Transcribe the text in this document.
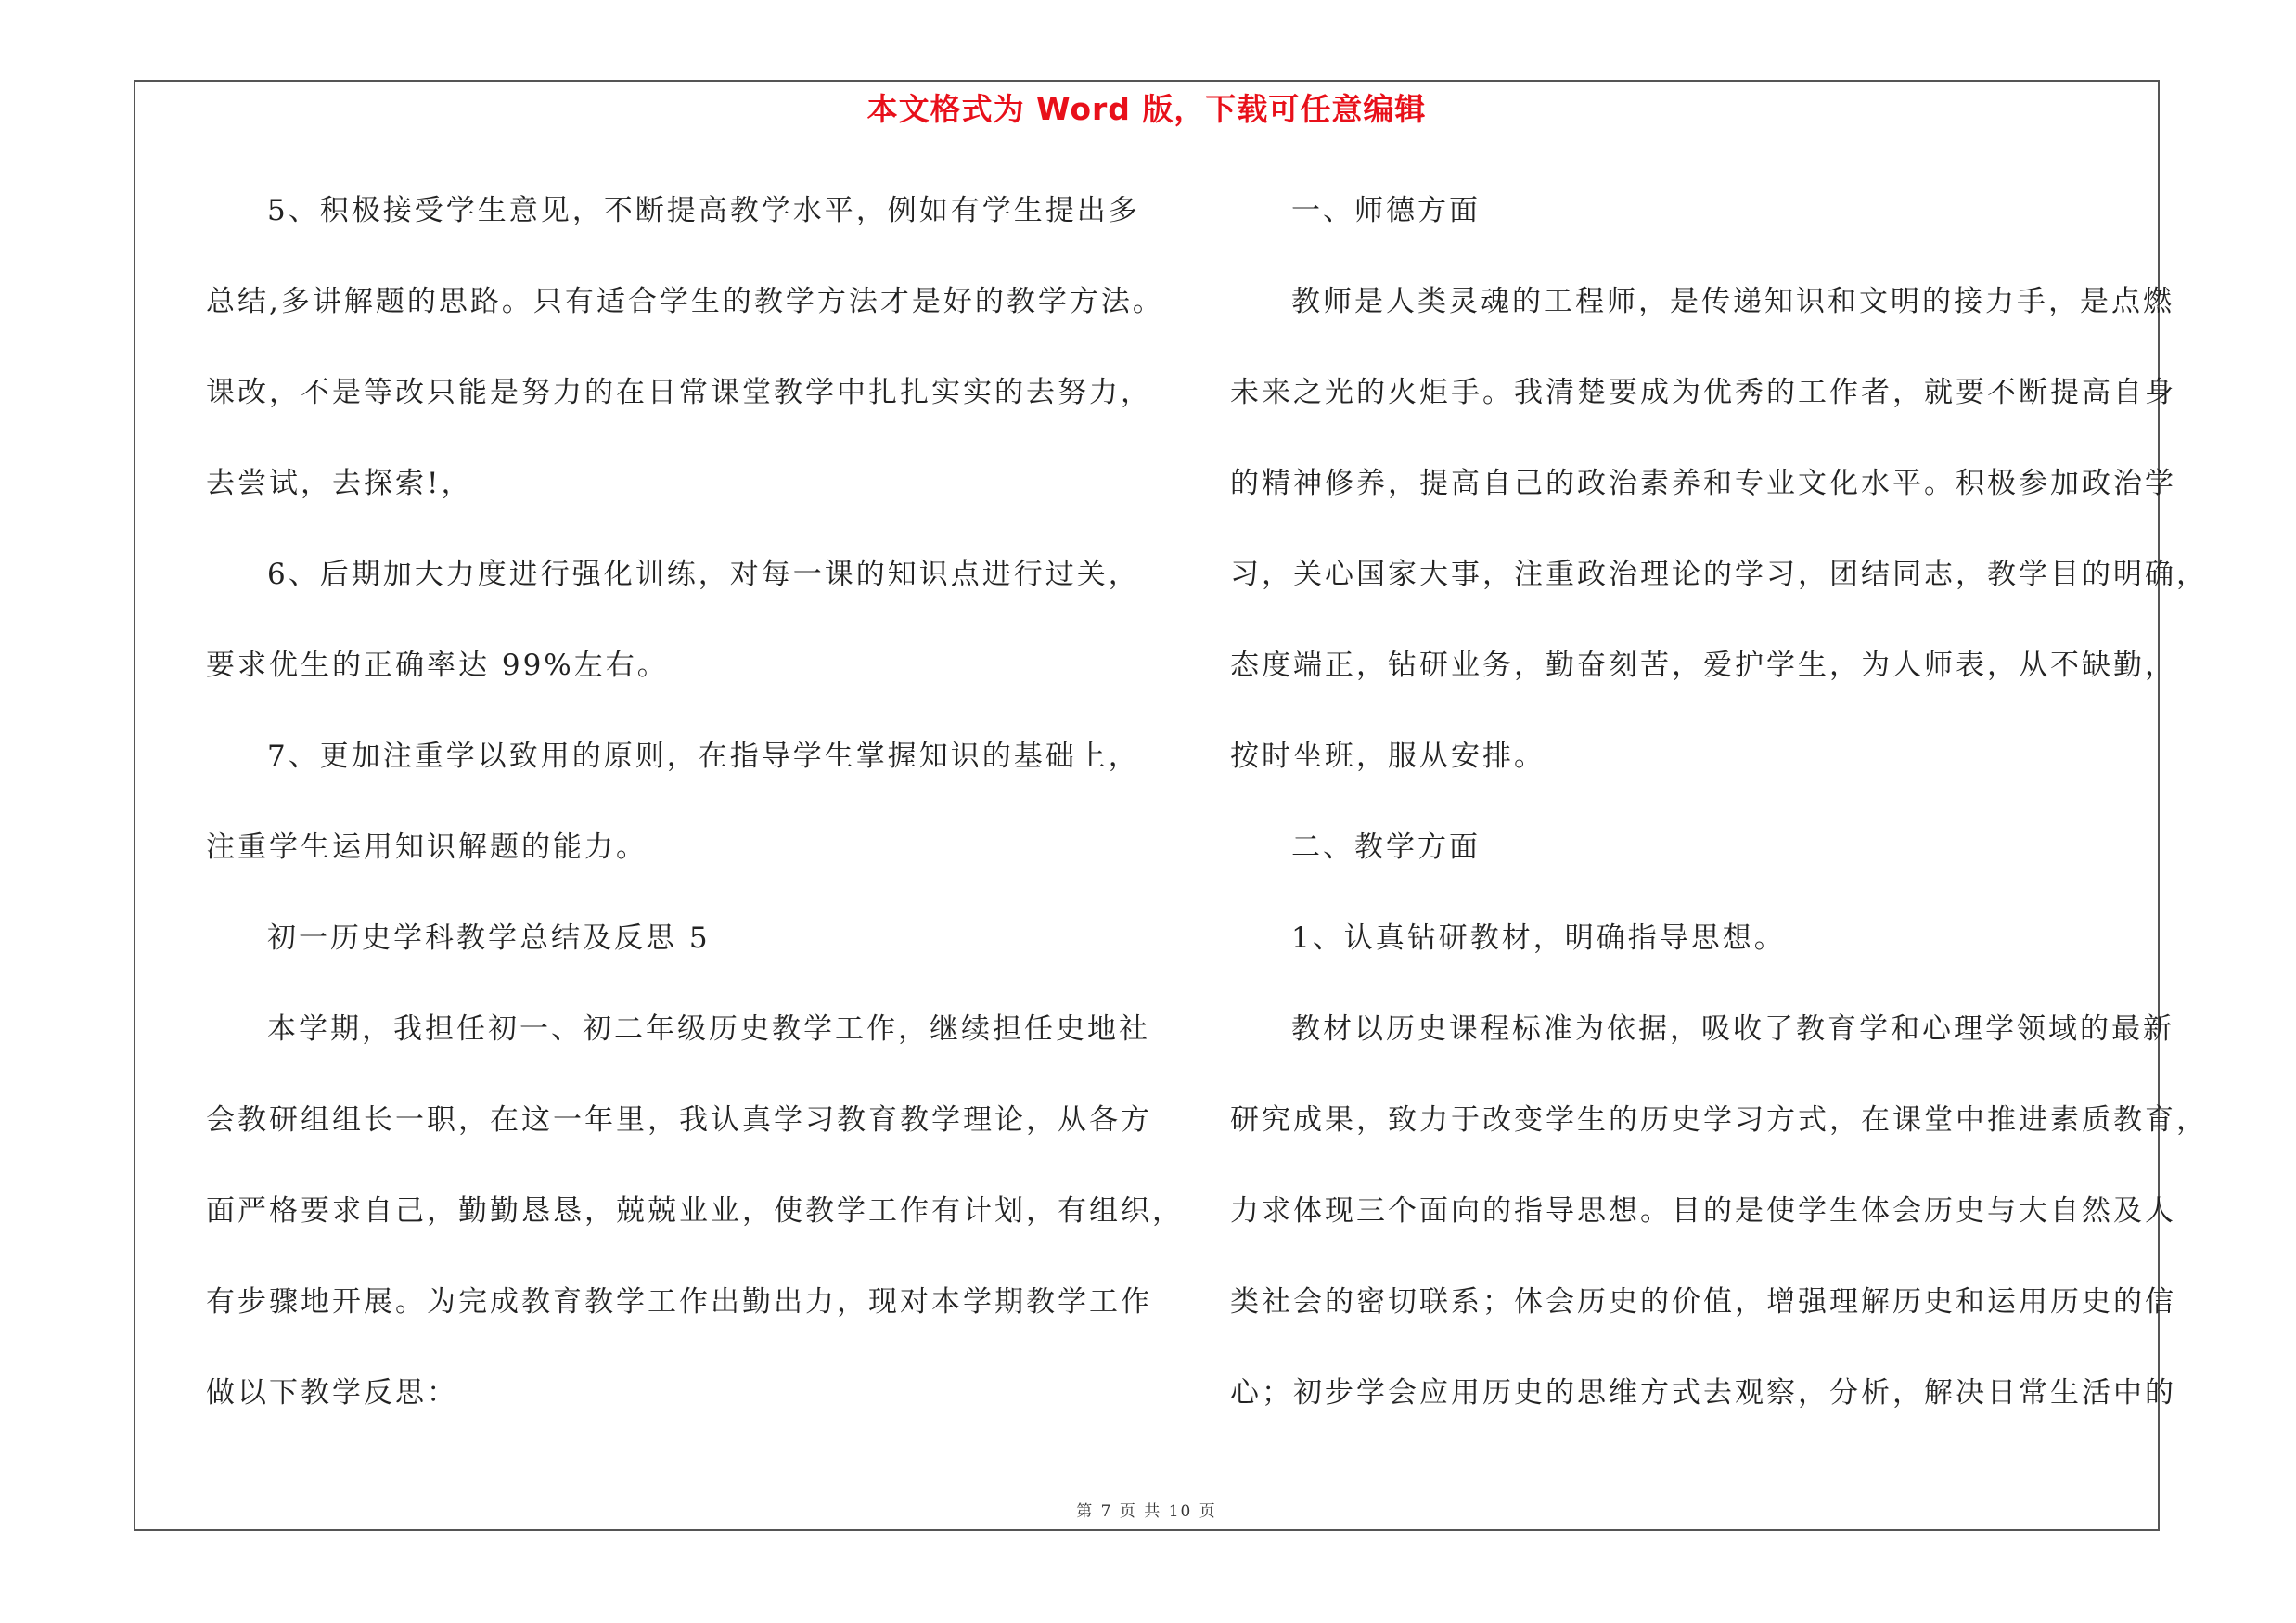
本文格式为 Word 版，下载可任意编辑
5、积极接受学生意见，不断提高教学水平，例如有学生提出多
总结,多讲解题的思路。只有适合学生的教学方法才是好的教学方法。
课改，不是等改只能是努力的在日常课堂教学中扎扎实实的去努力，
去尝试，去探索!，
6、后期加大力度进行强化训练，对每一课的知识点进行过关，
要求优生的正确率达 99%左右。
7、更加注重学以致用的原则，在指导学生掌握知识的基础上，
注重学生运用知识解题的能力。
初一历史学科教学总结及反思 5
本学期，我担任初一、初二年级历史教学工作，继续担任史地社
会教研组组长一职，在这一年里，我认真学习教育教学理论，从各方
面严格要求自己，勤勤恳恳，兢兢业业，使教学工作有计划，有组织，
有步骤地开展。为完成教育教学工作出勤出力，现对本学期教学工作
做以下教学反思：
一、师德方面
教师是人类灵魂的工程师，是传递知识和文明的接力手，是点燃
未来之光的火炬手。我清楚要成为优秀的工作者，就要不断提高自身
的精神修养，提高自己的政治素养和专业文化水平。积极参加政治学
习，关心国家大事，注重政治理论的学习，团结同志，教学目的明确，
态度端正，钻研业务，勤奋刻苦，爱护学生，为人师表，从不缺勤，
按时坐班，服从安排。
二、教学方面
1、认真钻研教材，明确指导思想。
教材以历史课程标准为依据，吸收了教育学和心理学领域的最新
研究成果，致力于改变学生的历史学习方式，在课堂中推进素质教育，
力求体现三个面向的指导思想。目的是使学生体会历史与大自然及人
类社会的密切联系；体会历史的价值，增强理解历史和运用历史的信
心；初步学会应用历史的思维方式去观察，分析，解决日常生活中的
第 7 页 共 10 页
